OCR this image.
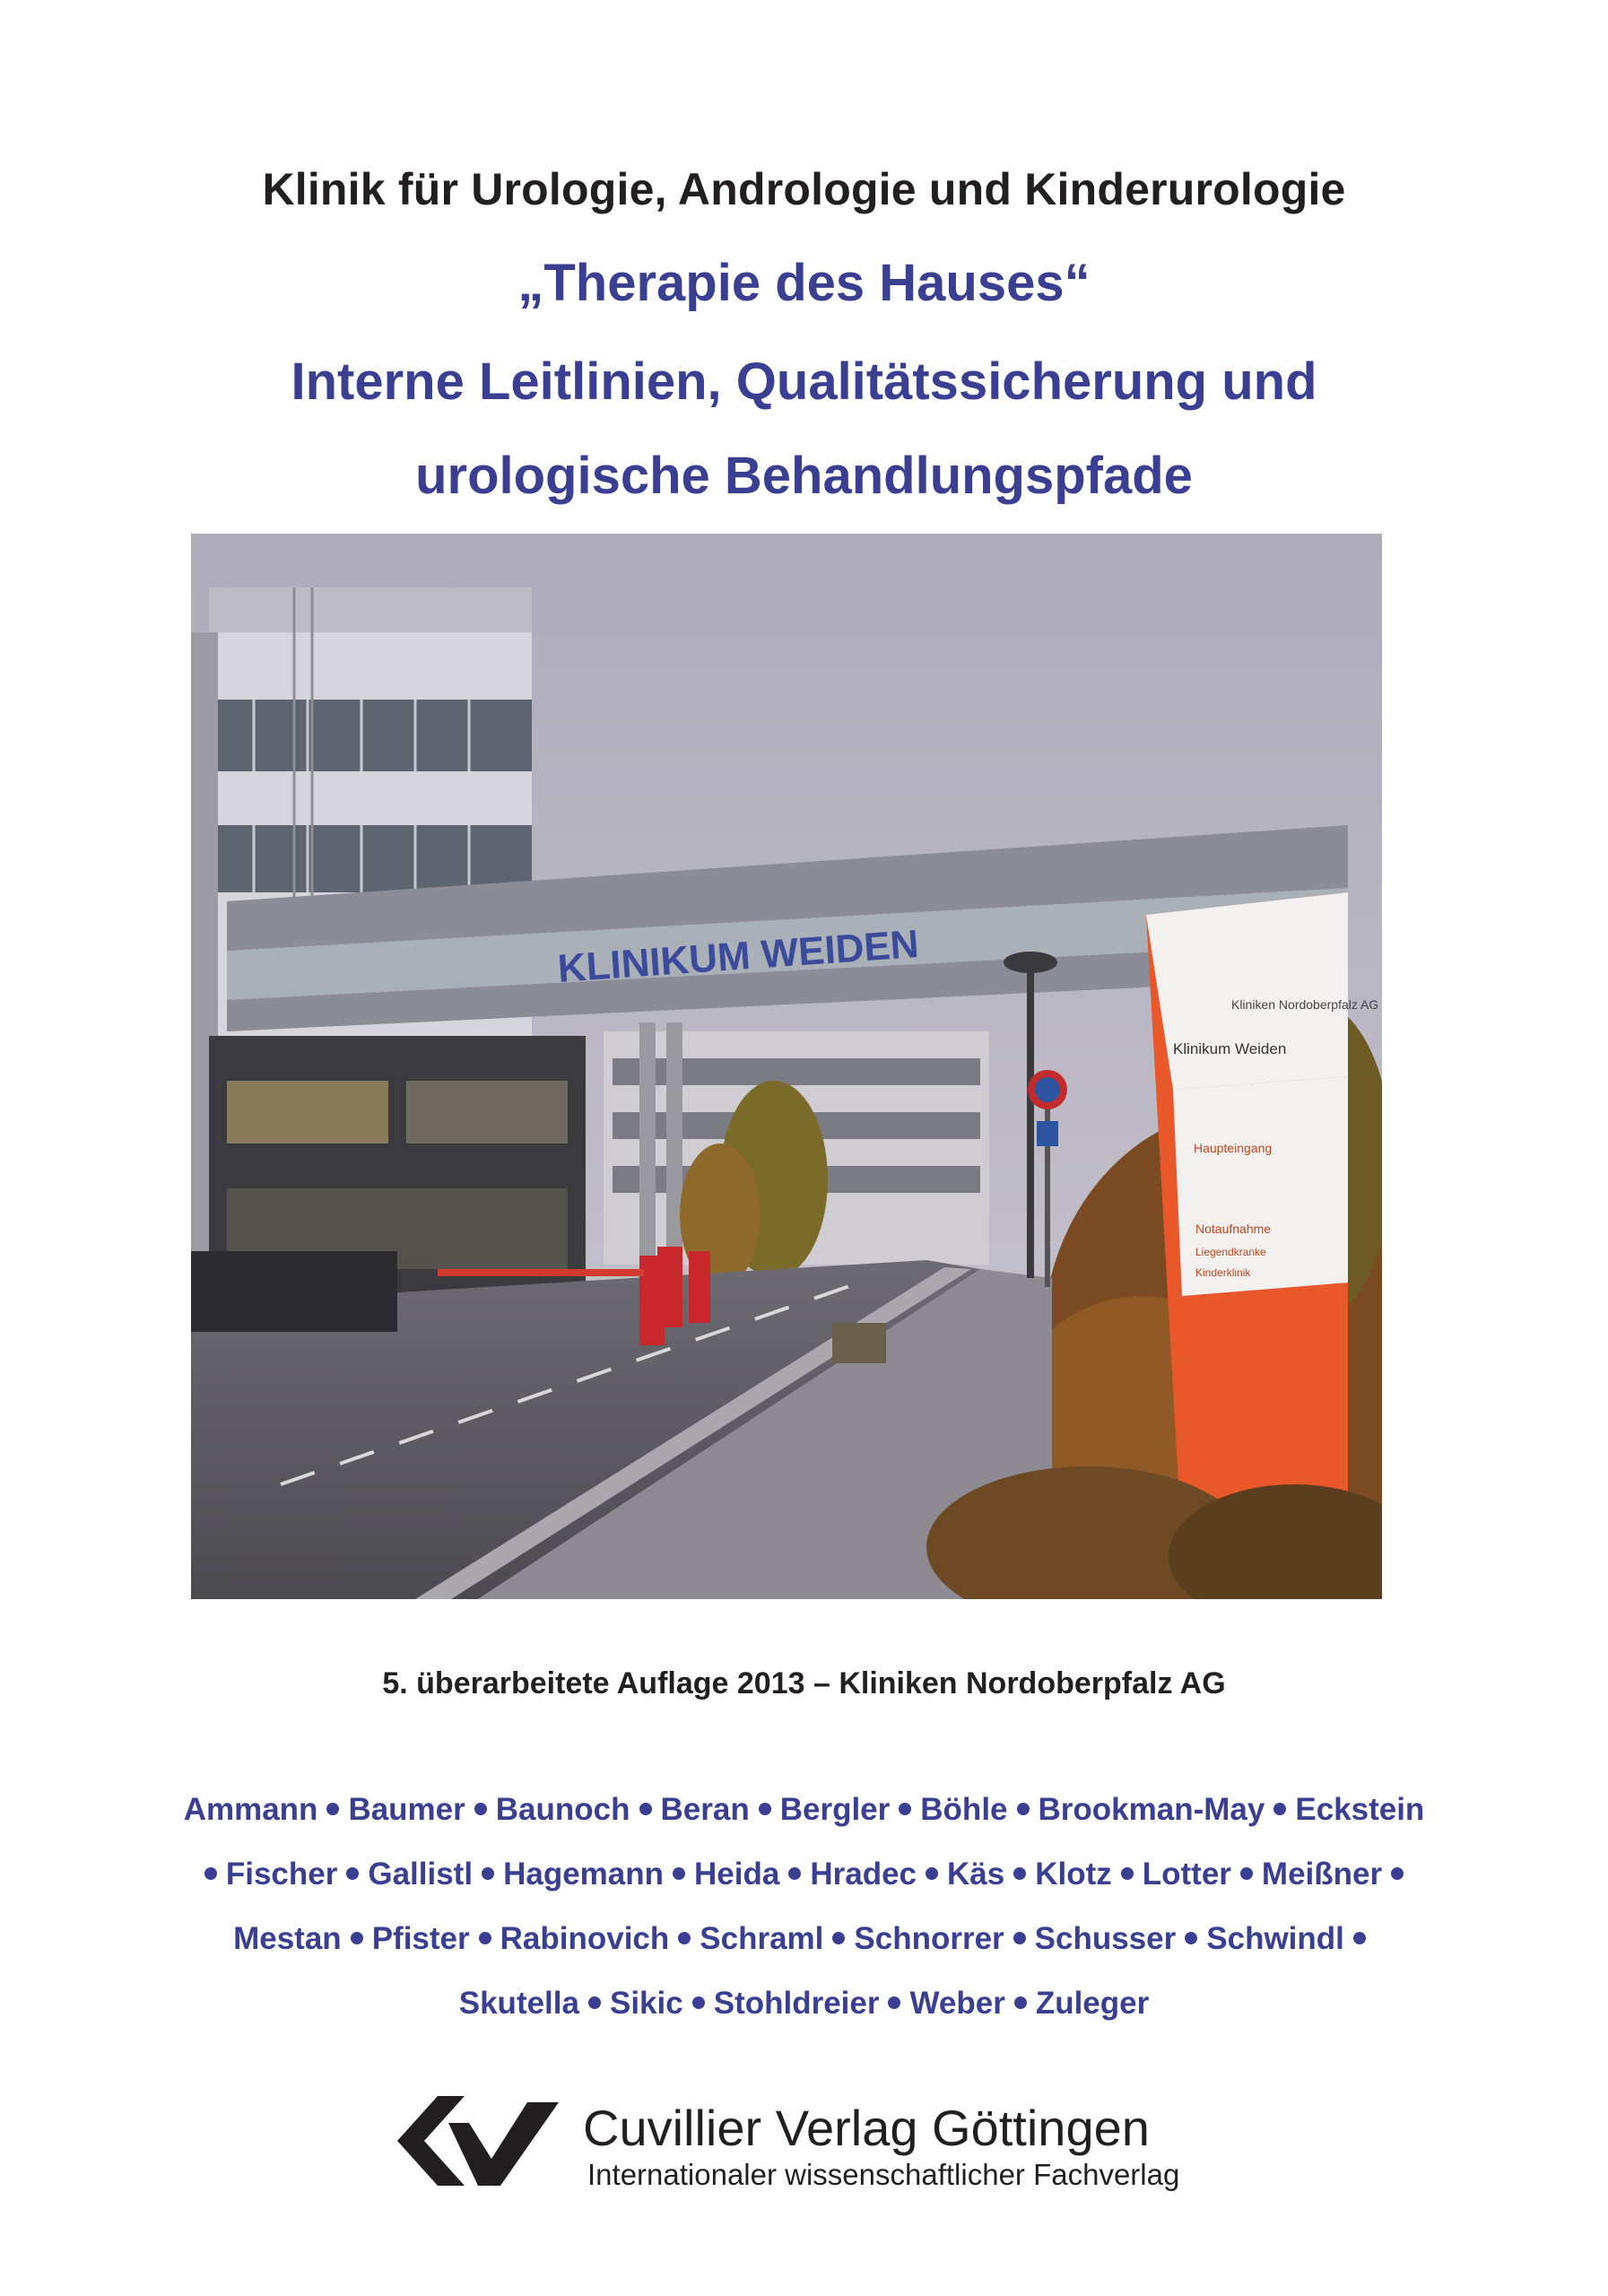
Klinik für Urologie, Andrologie und Kinderurologie
„Therapie des Hauses“
Interne Leitlinien, Qualitätssicherung und
urologische Behandlungspfade
KLINIKUM WEIDEN
Kliniken Nordoberpfalz AG
Klinikum Weiden
Haupteingang
Notaufnahme
Liegendkranke
Kinderklinik
5. überarbeitete Auflage 2013 – Kliniken Nordoberpfalz AG
Ammann Baumer Baunoch Beran Bergler Böhle Brookman-May Eckstein
Fischer Gallistl Hagemann Heida Hradec Käs Klotz Lotter Meißner
Mestan Pfister Rabinovich Schraml Schnorrer Schusser Schwindl
Skutella Sikic Stohldreier Weber Zuleger
Cuvillier Verlag Göttingen
Internationaler wissenschaftlicher Fachverlag
